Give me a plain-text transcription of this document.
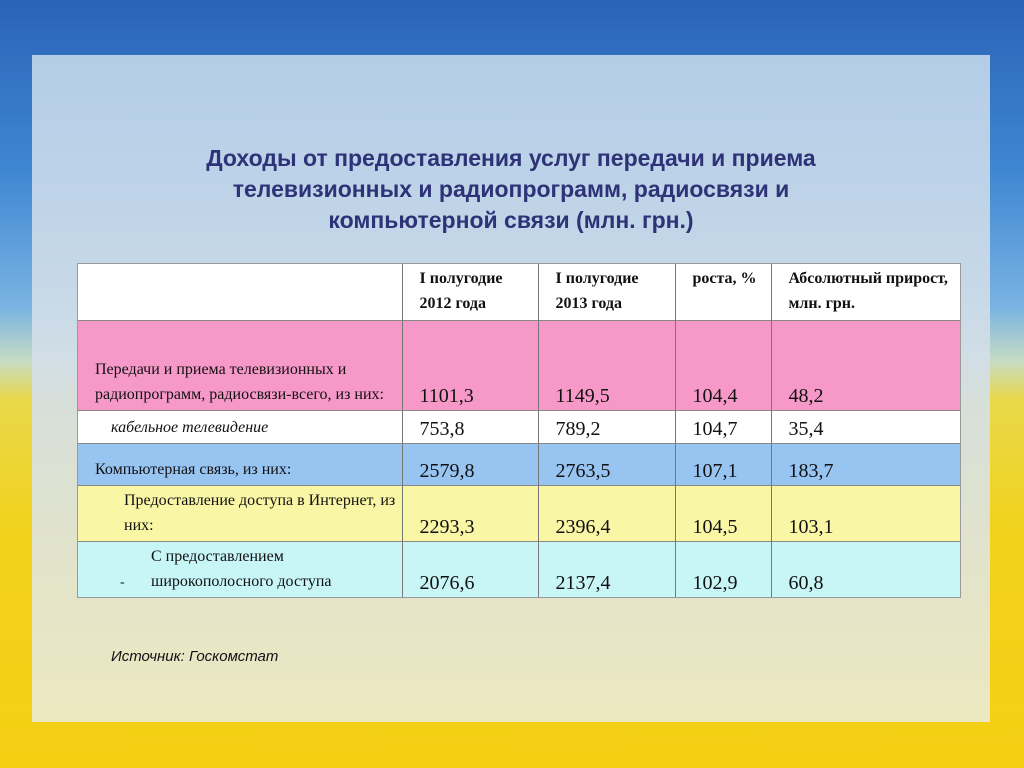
Доходы от предоставления услуг передачи и приема
телевизионных и радиопрограмм, радиосвязи и
компьютерной связи (млн. грн.)
	I полугодие 2012 года	I полугодие 2013 года	роста, %	Абсолютный прирост, млн. грн.
Передачи и приема телевизионных и радиопрограмм, радиосвязи-всего, из них:	1101,3	1149,5	104,4	48,2
кабельное телевидение	753,8	789,2	104,7	35,4
Компьютерная связь, из них:	2579,8	2763,5	107,1	183,7
Предоставление доступа в Интернет, из них:	2293,3	2396,4	104,5	103,1

-
С предоставлением широкополосного доступа	2076,6	2137,4	102,9	60,8

Источник: Госкомстат
